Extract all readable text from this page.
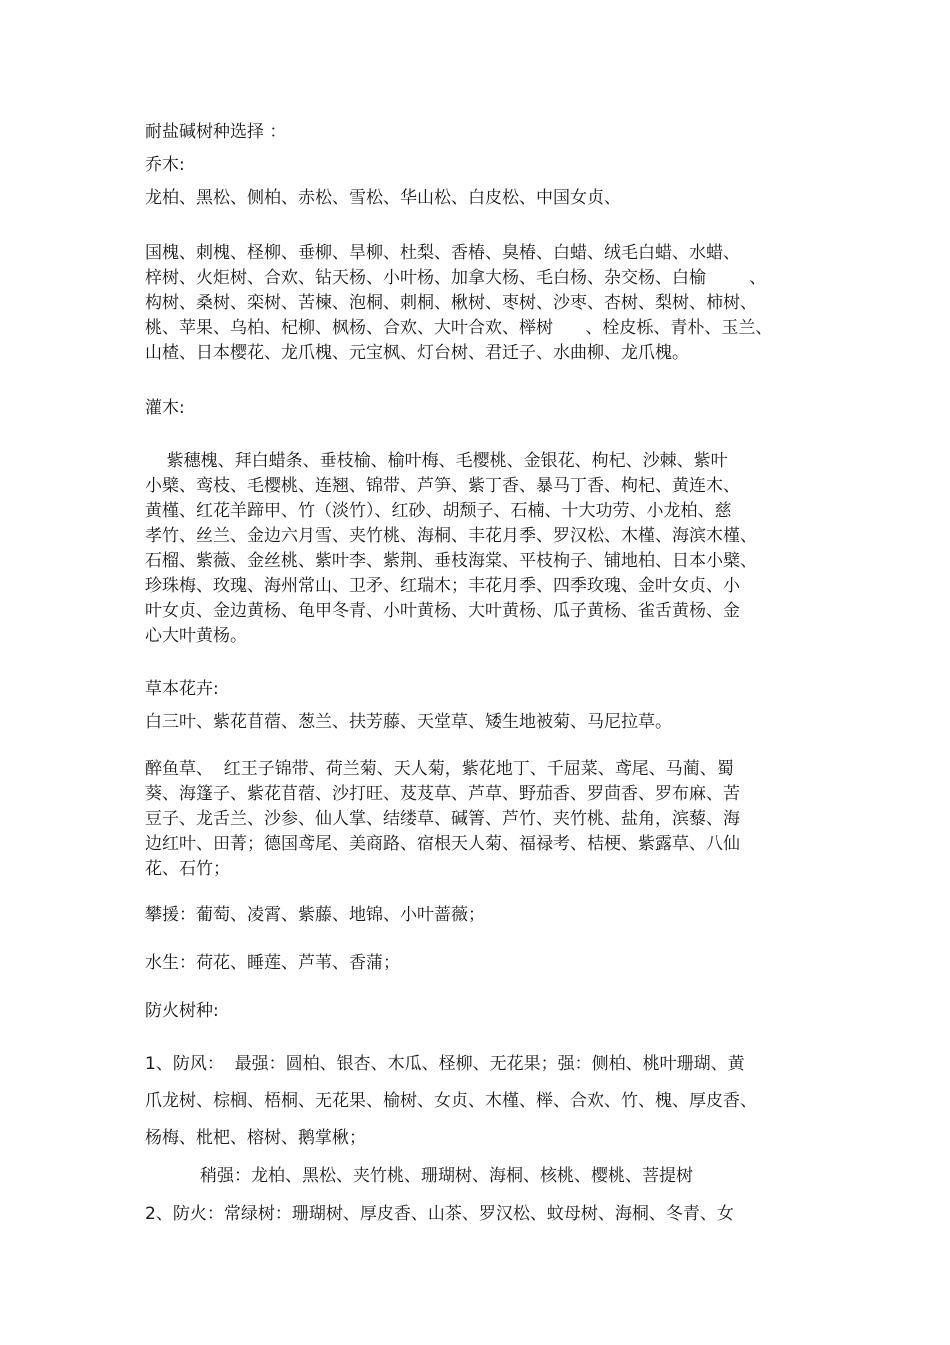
耐盐碱树种选择 ：
乔木:
龙柏、黑松、侧柏、赤松、雪松、华山松、白皮松、中国女贞、
国槐、刺槐、柽柳、垂柳、旱柳、杜梨、香椿、臭椿、白蜡、绒毛白蜡、水蜡、
梓树、火炬树、合欢、钻天杨、小叶杨、加拿大杨、毛白杨、杂交杨、白榆        、
构树、桑树、栾树、苦楝、泡桐、刺桐、楸树、枣树、沙枣、杏树、梨树、柿树、
桃、苹果、乌柏、杞柳、枫杨、合欢、大叶合欢、榉树      、栓皮栎、青朴、玉兰、
山楂、日本樱花、龙爪槐、元宝枫、灯台树、君迁子、水曲柳、龙爪槐。
灌木:
紫穗槐、拜白蜡条、垂枝榆、榆叶梅、毛樱桃、金银花、枸杞、沙棘、紫叶
小檗、鸾枝、毛樱桃、连翘、锦带、芦笋、紫丁香、暴马丁香、枸杞、黄连木、
黄槿、红花羊蹄甲、竹（淡竹）、红砂、胡颓子、石楠、十大功劳、小龙柏、慈
孝竹、丝兰、金边六月雪、夹竹桃、海桐、丰花月季、罗汉松、木槿、海滨木槿、
石榴、紫薇、金丝桃、紫叶李、紫荆、垂枝海棠、平枝栒子、铺地柏、日本小檗、
珍珠梅、玫瑰、海州常山、卫矛、红瑞木；丰花月季、四季玫瑰、金叶女贞、小
叶女贞、金边黄杨、龟甲冬青、小叶黄杨、大叶黄杨、瓜子黄杨、雀舌黄杨、金
心大叶黄杨。
草本花卉:
白三叶、紫花苜蓿、葱兰、扶芳藤、天堂草、矮生地被菊、马尼拉草。
醉鱼草、  红王子锦带、荷兰菊、天人菊，紫花地丁、千屈菜、鸢尾、马蔺、蜀
葵、海篷子、紫花苜蓿、沙打旺、芨芨草、芦草、野茄香、罗茴香、罗布麻、苦
豆子、龙舌兰、沙参、仙人掌、结缕草、碱箐、芦竹、夹竹桃、盐角，滨藜、海
边红叶、田菁；德国鸢尾、美商路、宿根天人菊、福禄考、桔梗、紫露草、八仙
花、石竹；
攀援：葡萄、凌霄、紫藤、地锦、小叶蔷薇；
水生：荷花、睡莲、芦苇、香蒲；
防火树种:
1、防风：  最强：圆柏、银杏、木瓜、柽柳、无花果；强：侧柏、桃叶珊瑚、黄
爪龙树、棕榈、梧桐、无花果、榆树、女贞、木槿、榉、合欢、竹、槐、厚皮香、
杨梅、枇杷、榕树、鹅掌楸；
稍强：龙柏、黑松、夹竹桃、珊瑚树、海桐、核桃、樱桃、菩提树
2、防火：常绿树：珊瑚树、厚皮香、山茶、罗汉松、蚊母树、海桐、冬青、女
